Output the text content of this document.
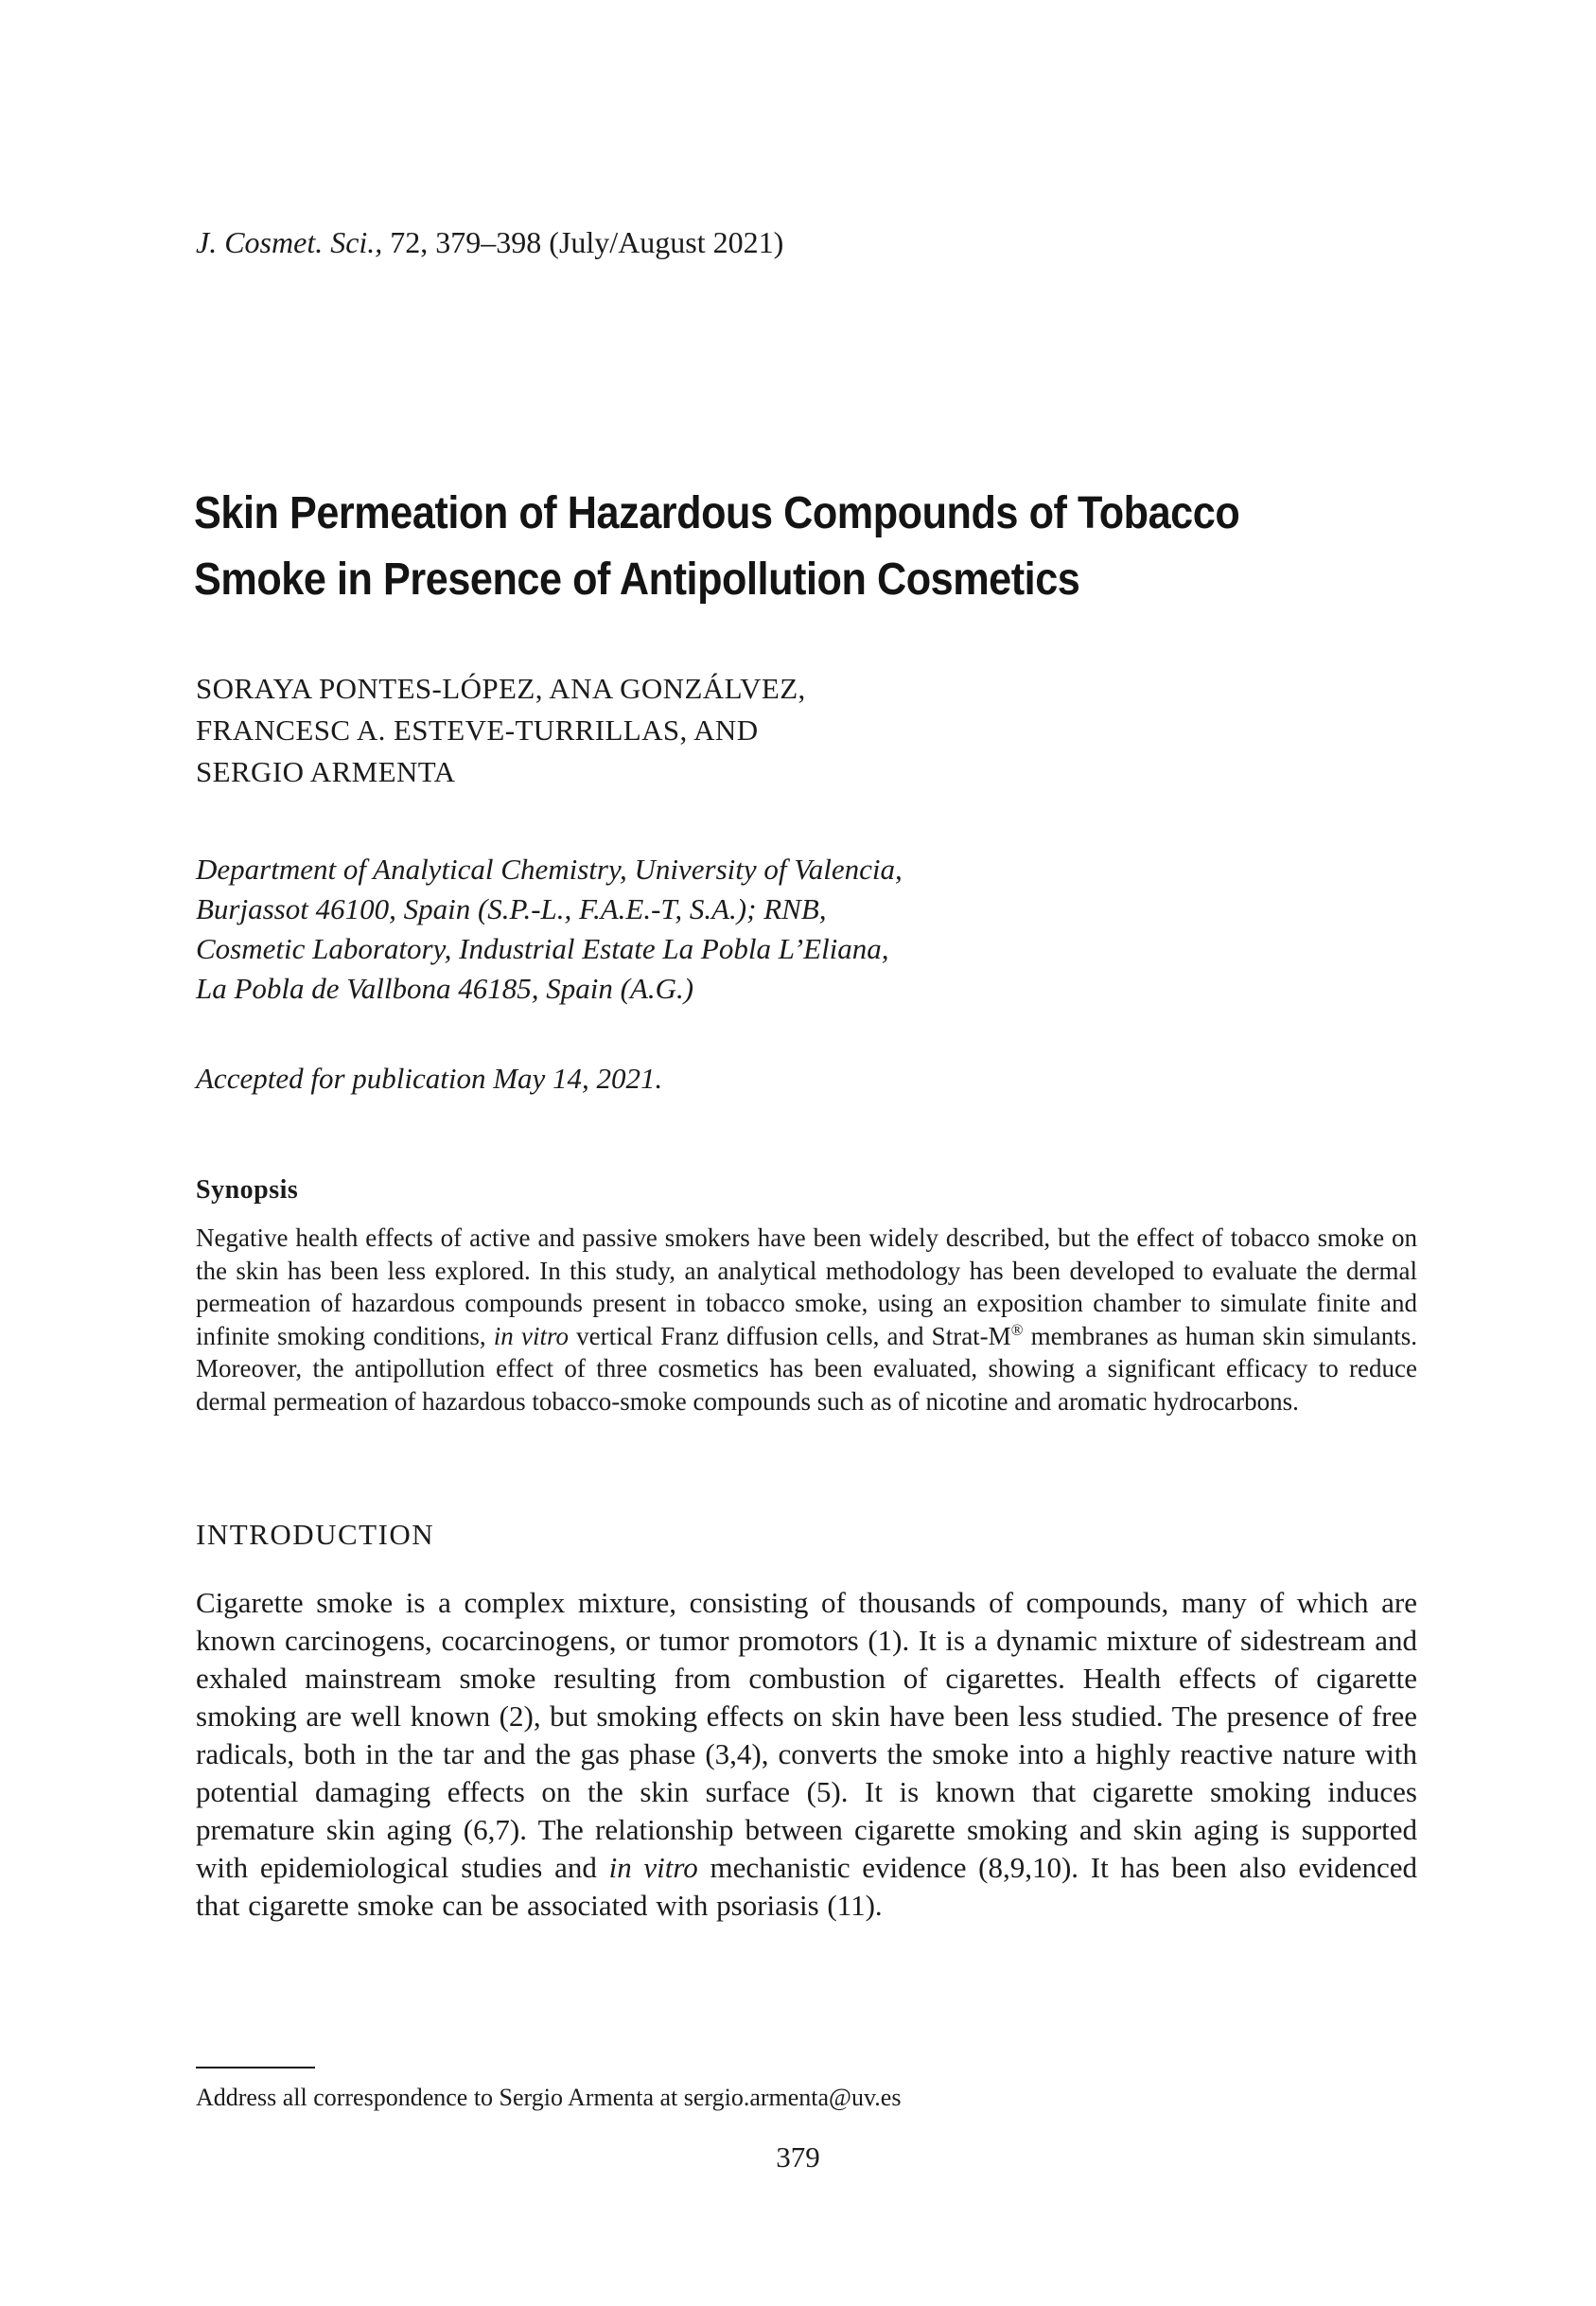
J. Cosmet. Sci., 72, 379–398 (July/August 2021)
Skin Permeation of Hazardous Compounds of Tobacco
Smoke in Presence of Antipollution Cosmetics
SORAYA PONTES-LÓPEZ, ANA GONZÁLVEZ,
FRANCESC A. ESTEVE-TURRILLAS, AND
SERGIO ARMENTA
Department of Analytical Chemistry, University of Valencia,
Burjassot 46100, Spain (S.P.-L., F.A.E.-T, S.A.); RNB,
Cosmetic Laboratory, Industrial Estate La Pobla L’Eliana,
La Pobla de Vallbona 46185, Spain (A.G.)
Accepted for publication May 14, 2021.
Synopsis
Negative health effects of active and passive smokers have been widely described, but the effect of tobacco smoke on the skin has been less explored. In this study, an analytical methodology has been developed to evaluate the dermal permeation of hazardous compounds present in tobacco smoke, using an exposition chamber to simulate finite and infinite smoking conditions, in vitro vertical Franz diffusion cells, and Strat-M® membranes as human skin simulants. Moreover, the antipollution effect of three cosmetics has been evaluated, showing a significant efficacy to reduce dermal permeation of hazardous tobacco-smoke compounds such as of nicotine and aromatic hydrocarbons.
INTRODUCTION
Cigarette smoke is a complex mixture, consisting of thousands of compounds, many of which are known carcinogens, cocarcinogens, or tumor promotors (1). It is a dynamic mixture of sidestream and exhaled mainstream smoke resulting from combustion of cigarettes. Health effects of cigarette smoking are well known (2), but smoking effects on skin have been less studied. The presence of free radicals, both in the tar and the gas phase (3,4), converts the smoke into a highly reactive nature with potential damaging effects on the skin surface (5). It is known that cigarette smoking induces premature skin aging (6,7). The relationship between cigarette smoking and skin aging is supported with epidemiological studies and in vitro mechanistic evidence (8,9,10). It has been also evidenced that cigarette smoke can be associated with psoriasis (11).
Address all correspondence to Sergio Armenta at sergio.armenta@uv.es
379
